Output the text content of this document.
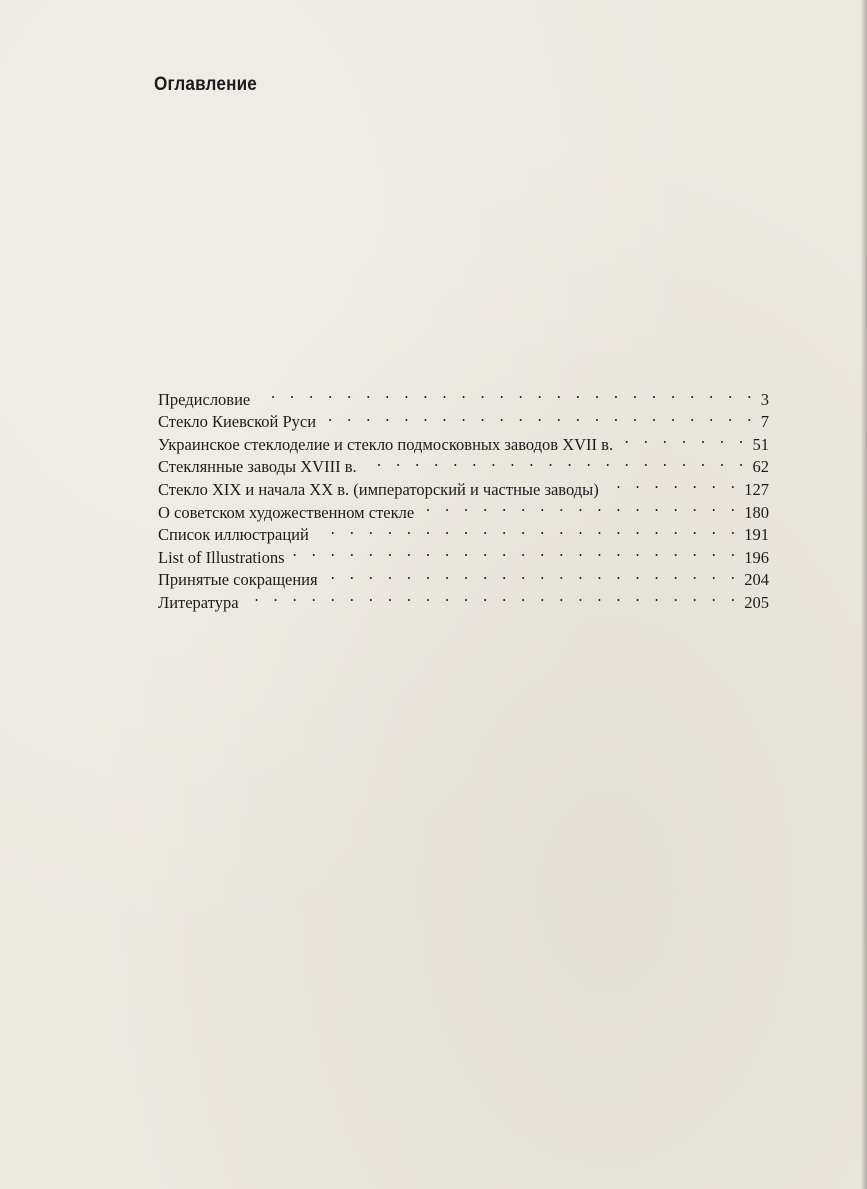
Оглавление
Предисловие . . .	3
Стекло Киевской Руси . . .	7
Украинское стеклоделие и стекло подмосковных заводов XVII в. . . .	51
Стеклянные заводы XVIII в. . . .	62
Стекло XIX и начала XX в. (императорский и частные заводы) . . .	127
О советском художественном стекле . . .	180
Список иллюстраций . . .	191
List of Illustrations . . .	196
Принятые сокращения . . .	204
Литература . . .	205
